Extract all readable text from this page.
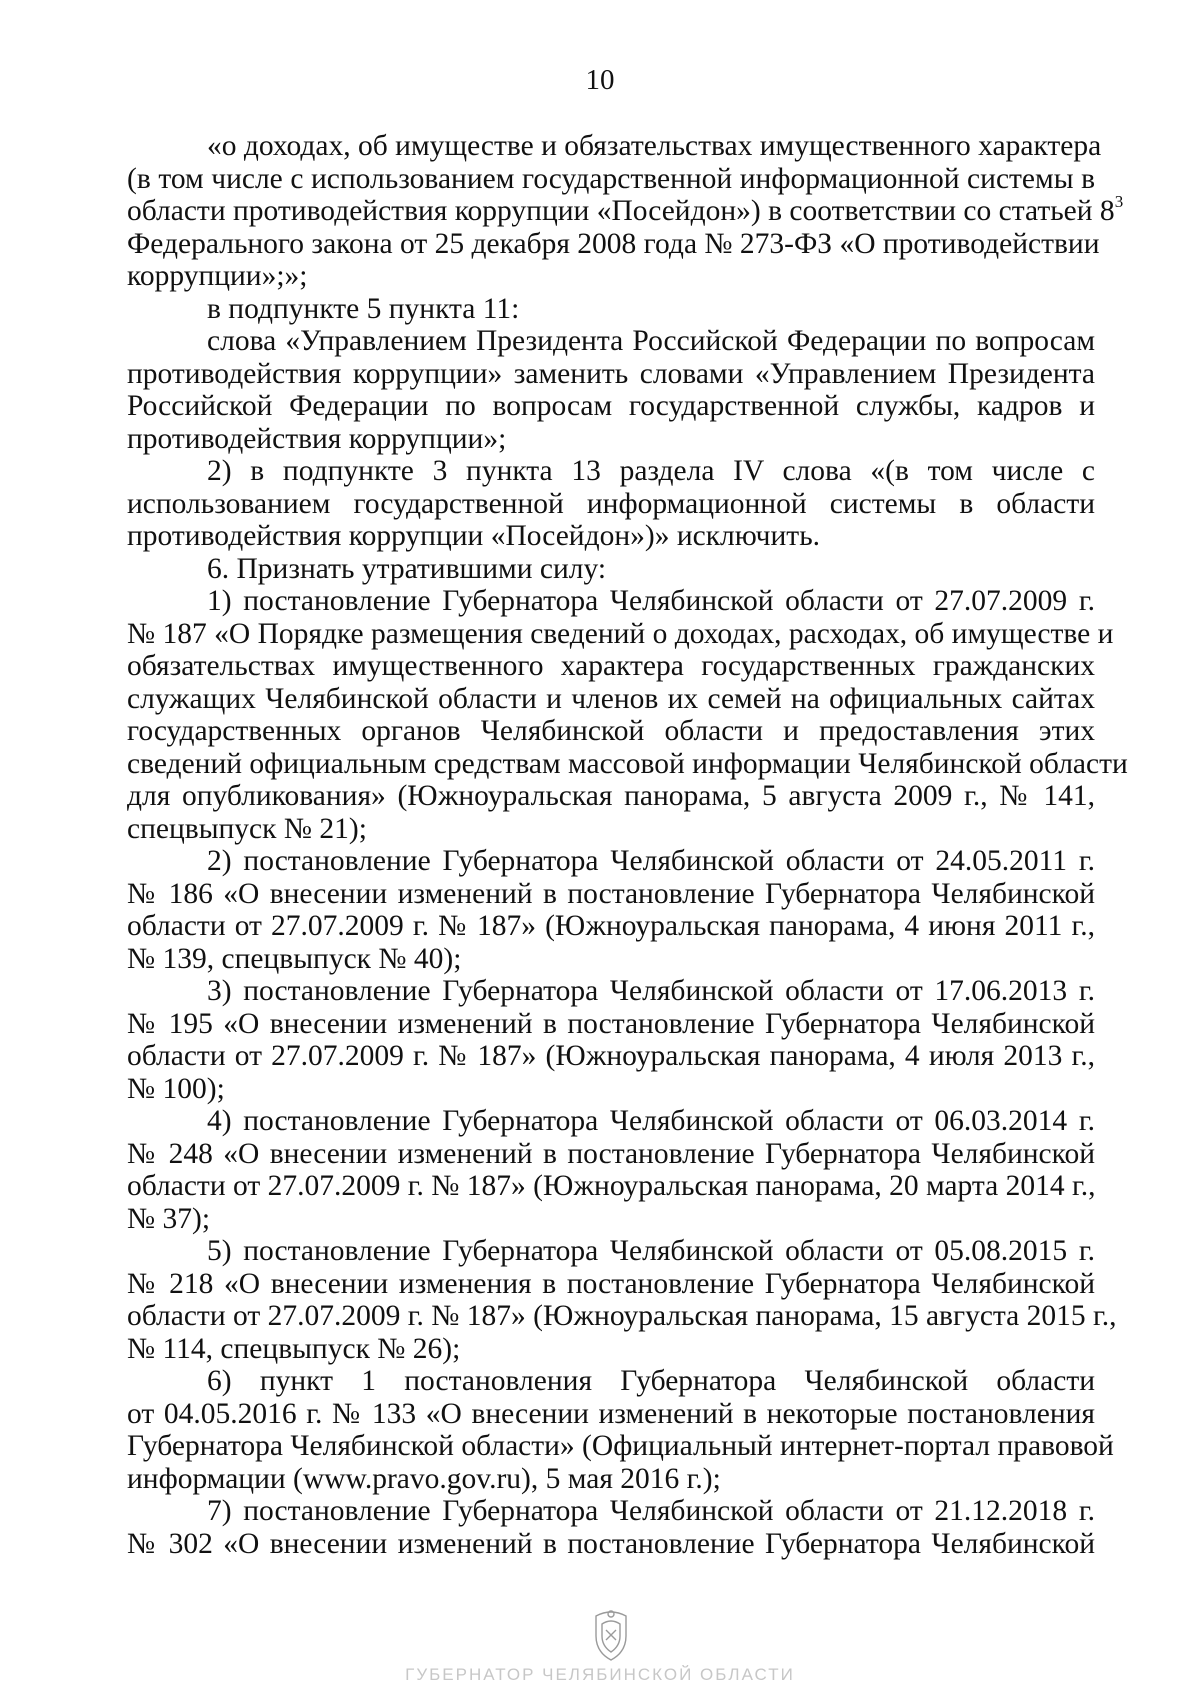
10
«о доходах, об имуществе и обязательствах имущественного характера
(в том числе с использованием государственной информационной системы в
области противодействия коррупции «Посейдон») в соответствии со статьей $8^3$
Федерального закона от 25 декабря 2008 года № 273-ФЗ «О противодействии
коррупции»;»;
в подпункте 5 пункта 11:
слова «Управлением Президента Российской Федерации по вопросам
противодействия коррупции» заменить словами «Управлением Президента
Российской Федерации по вопросам государственной службы, кадров и
противодействия коррупции»;
2) в подпункте 3 пункта 13 раздела IV слова «(в том числе с
использованием государственной информационной системы в области
противодействия коррупции «Посейдон»)» исключить.
6. Признать утратившими силу:
1) постановление Губернатора Челябинской области от 27.07.2009 г.
№ 187 «О Порядке размещения сведений о доходах, расходах, об имуществе и
обязательствах имущественного характера государственных гражданских
служащих Челябинской области и членов их семей на официальных сайтах
государственных органов Челябинской области и предоставления этих
сведений официальным средствам массовой информации Челябинской области
для опубликования» (Южноуральская панорама, 5 августа 2009 г., № 141,
спецвыпуск № 21);
2) постановление Губернатора Челябинской области от 24.05.2011 г.
№ 186 «О внесении изменений в постановление Губернатора Челябинской
области от 27.07.2009 г. № 187» (Южноуральская панорама, 4 июня 2011 г.,
№ 139, спецвыпуск № 40);
3) постановление Губернатора Челябинской области от 17.06.2013 г.
№ 195 «О внесении изменений в постановление Губернатора Челябинской
области от 27.07.2009 г. № 187» (Южноуральская панорама, 4 июля 2013 г.,
№ 100);
4) постановление Губернатора Челябинской области от 06.03.2014 г.
№ 248 «О внесении изменений в постановление Губернатора Челябинской
области от 27.07.2009 г. № 187» (Южноуральская панорама, 20 марта 2014 г.,
№ 37);
5) постановление Губернатора Челябинской области от 05.08.2015 г.
№ 218 «О внесении изменения в постановление Губернатора Челябинской
области от 27.07.2009 г. № 187» (Южноуральская панорама, 15 августа 2015 г.,
№ 114, спецвыпуск № 26);
6) пункт 1 постановления Губернатора Челябинской области
от 04.05.2016 г. № 133 «О внесении изменений в некоторые постановления
Губернатора Челябинской области» (Официальный интернет-портал правовой
информации (www.pravo.gov.ru), 5 мая 2016 г.);
7) постановление Губернатора Челябинской области от 21.12.2018 г.
№ 302 «О внесении изменений в постановление Губернатора Челябинской
ГУБЕРНАТОР ЧЕЛЯБИНСКОЙ ОБЛАСТИ
